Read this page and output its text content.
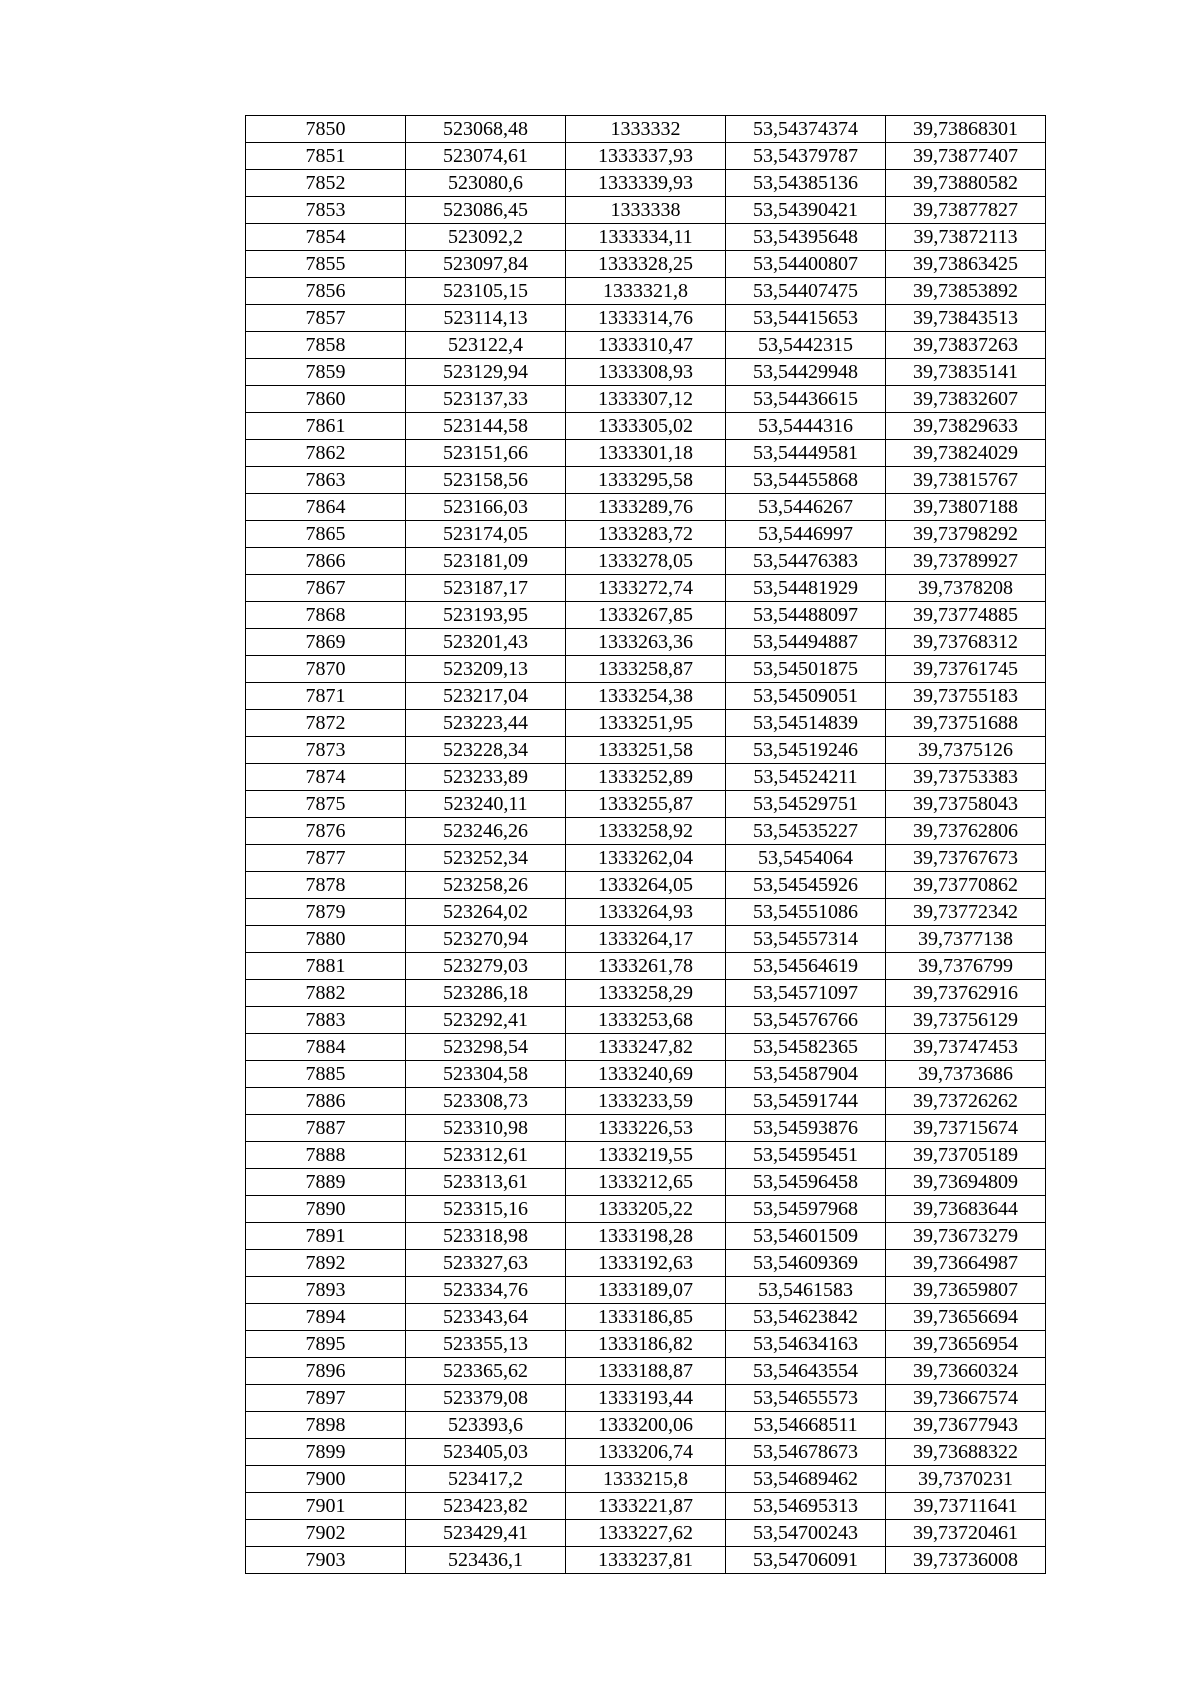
7850	523068,48	1333332	53,54374374	39,73868301
7851	523074,61	1333337,93	53,54379787	39,73877407
7852	523080,6	1333339,93	53,54385136	39,73880582
7853	523086,45	1333338	53,54390421	39,73877827
7854	523092,2	1333334,11	53,54395648	39,73872113
7855	523097,84	1333328,25	53,54400807	39,73863425
7856	523105,15	1333321,8	53,54407475	39,73853892
7857	523114,13	1333314,76	53,54415653	39,73843513
7858	523122,4	1333310,47	53,5442315	39,73837263
7859	523129,94	1333308,93	53,54429948	39,73835141
7860	523137,33	1333307,12	53,54436615	39,73832607
7861	523144,58	1333305,02	53,5444316	39,73829633
7862	523151,66	1333301,18	53,54449581	39,73824029
7863	523158,56	1333295,58	53,54455868	39,73815767
7864	523166,03	1333289,76	53,5446267	39,73807188
7865	523174,05	1333283,72	53,5446997	39,73798292
7866	523181,09	1333278,05	53,54476383	39,73789927
7867	523187,17	1333272,74	53,54481929	39,7378208
7868	523193,95	1333267,85	53,54488097	39,73774885
7869	523201,43	1333263,36	53,54494887	39,73768312
7870	523209,13	1333258,87	53,54501875	39,73761745
7871	523217,04	1333254,38	53,54509051	39,73755183
7872	523223,44	1333251,95	53,54514839	39,73751688
7873	523228,34	1333251,58	53,54519246	39,7375126
7874	523233,89	1333252,89	53,54524211	39,73753383
7875	523240,11	1333255,87	53,54529751	39,73758043
7876	523246,26	1333258,92	53,54535227	39,73762806
7877	523252,34	1333262,04	53,5454064	39,73767673
7878	523258,26	1333264,05	53,54545926	39,73770862
7879	523264,02	1333264,93	53,54551086	39,73772342
7880	523270,94	1333264,17	53,54557314	39,7377138
7881	523279,03	1333261,78	53,54564619	39,7376799
7882	523286,18	1333258,29	53,54571097	39,73762916
7883	523292,41	1333253,68	53,54576766	39,73756129
7884	523298,54	1333247,82	53,54582365	39,73747453
7885	523304,58	1333240,69	53,54587904	39,7373686
7886	523308,73	1333233,59	53,54591744	39,73726262
7887	523310,98	1333226,53	53,54593876	39,73715674
7888	523312,61	1333219,55	53,54595451	39,73705189
7889	523313,61	1333212,65	53,54596458	39,73694809
7890	523315,16	1333205,22	53,54597968	39,73683644
7891	523318,98	1333198,28	53,54601509	39,73673279
7892	523327,63	1333192,63	53,54609369	39,73664987
7893	523334,76	1333189,07	53,5461583	39,73659807
7894	523343,64	1333186,85	53,54623842	39,73656694
7895	523355,13	1333186,82	53,54634163	39,73656954
7896	523365,62	1333188,87	53,54643554	39,73660324
7897	523379,08	1333193,44	53,54655573	39,73667574
7898	523393,6	1333200,06	53,54668511	39,73677943
7899	523405,03	1333206,74	53,54678673	39,73688322
7900	523417,2	1333215,8	53,54689462	39,7370231
7901	523423,82	1333221,87	53,54695313	39,73711641
7902	523429,41	1333227,62	53,54700243	39,73720461
7903	523436,1	1333237,81	53,54706091	39,73736008
